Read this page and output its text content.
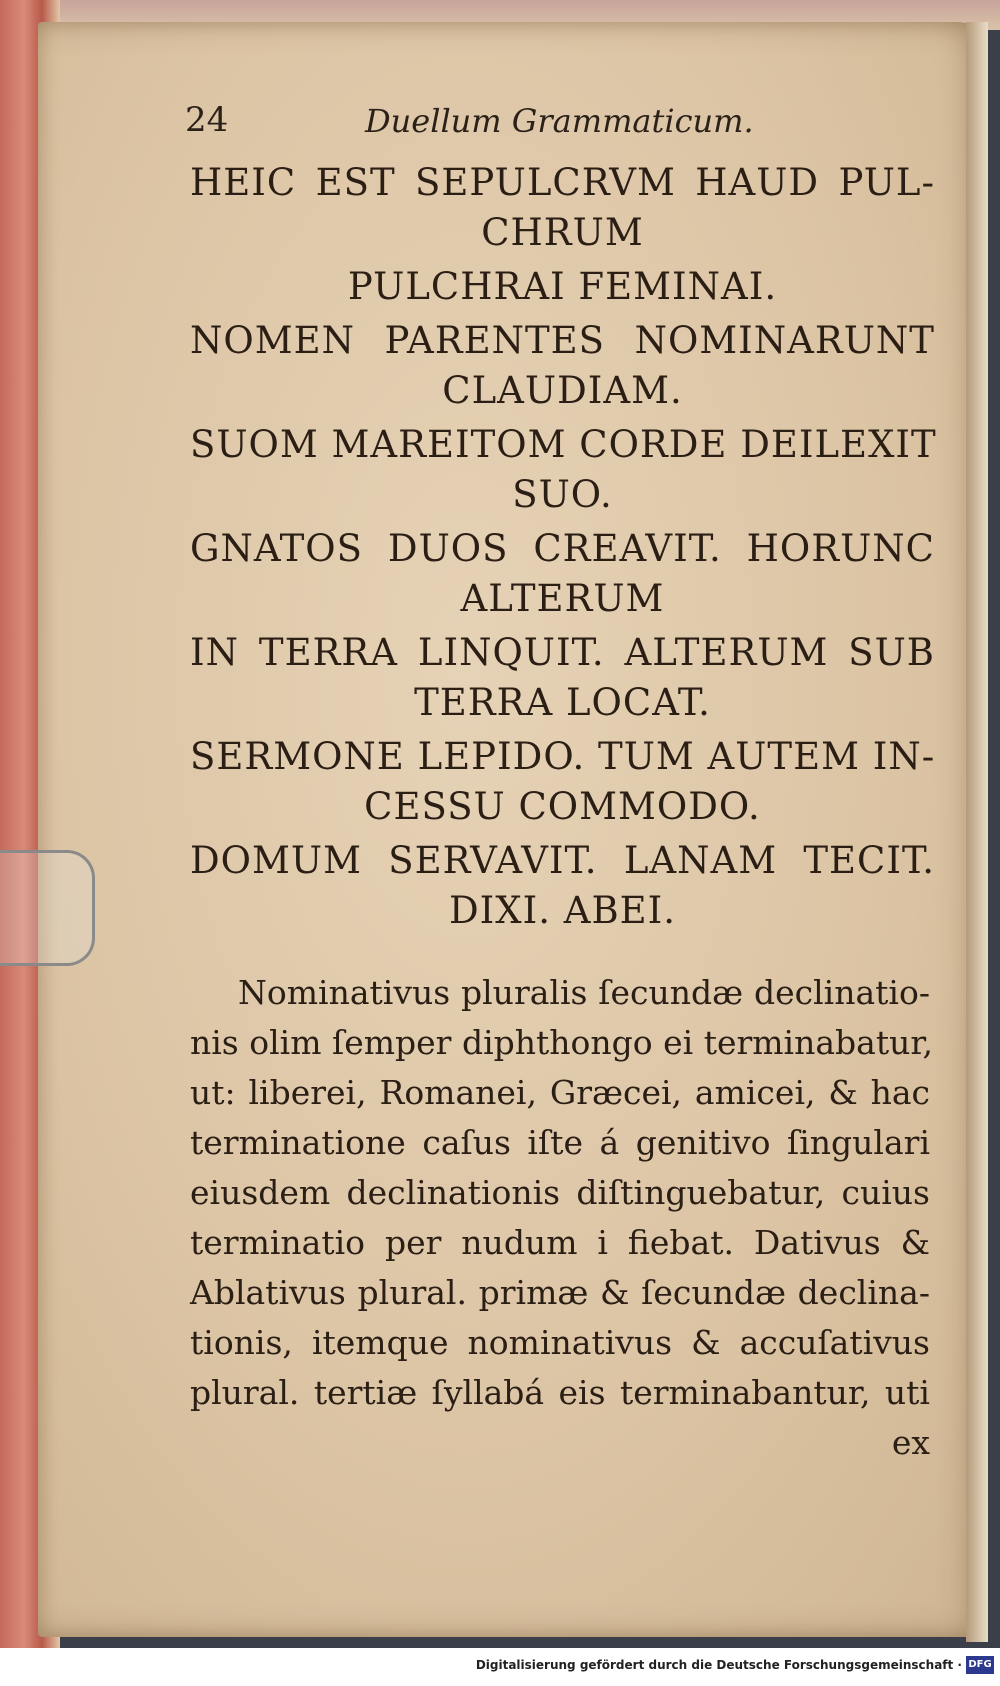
24	Duellum Grammaticum.
HEIC EST SEPULCRVM HAUD PUL-
CHRUM
PULCHRAI FEMINAI.
NOMEN PARENTES NOMINARUNT
CLAUDIAM.
SUOM MAREITOM CORDE DEILEXIT
SUO.
GNATOS DUOS CREAVIT. HORUNC
ALTERUM
IN TERRA LINQUIT. ALTERUM SUB
TERRA LOCAT.
SERMONE LEPIDO. TUM AUTEM IN-
CESSU COMMODO.
DOMUM SERVAVIT. LANAM TECIT.
DIXI. ABEI.
Nominativus pluralis ſecundæ declinatio-
nis olim ſemper diphthongo ei terminabatur,
ut: liberei, Romanei, Græcei, amicei, & hac
terminatione caſus iſte á genitivo ſingulari
eiusdem declinationis diſtinguebatur, cuius
terminatio per nudum i fiebat. Dativus &
Ablativus plural. primæ & ſecundæ declina-
tionis, itemque nominativus & accuſativus
plural. tertiæ ſyllabá eis terminabantur, uti
ex
Digitalisierung gefördert durch die Deutsche Forschungsgemeinschaft · DFG
